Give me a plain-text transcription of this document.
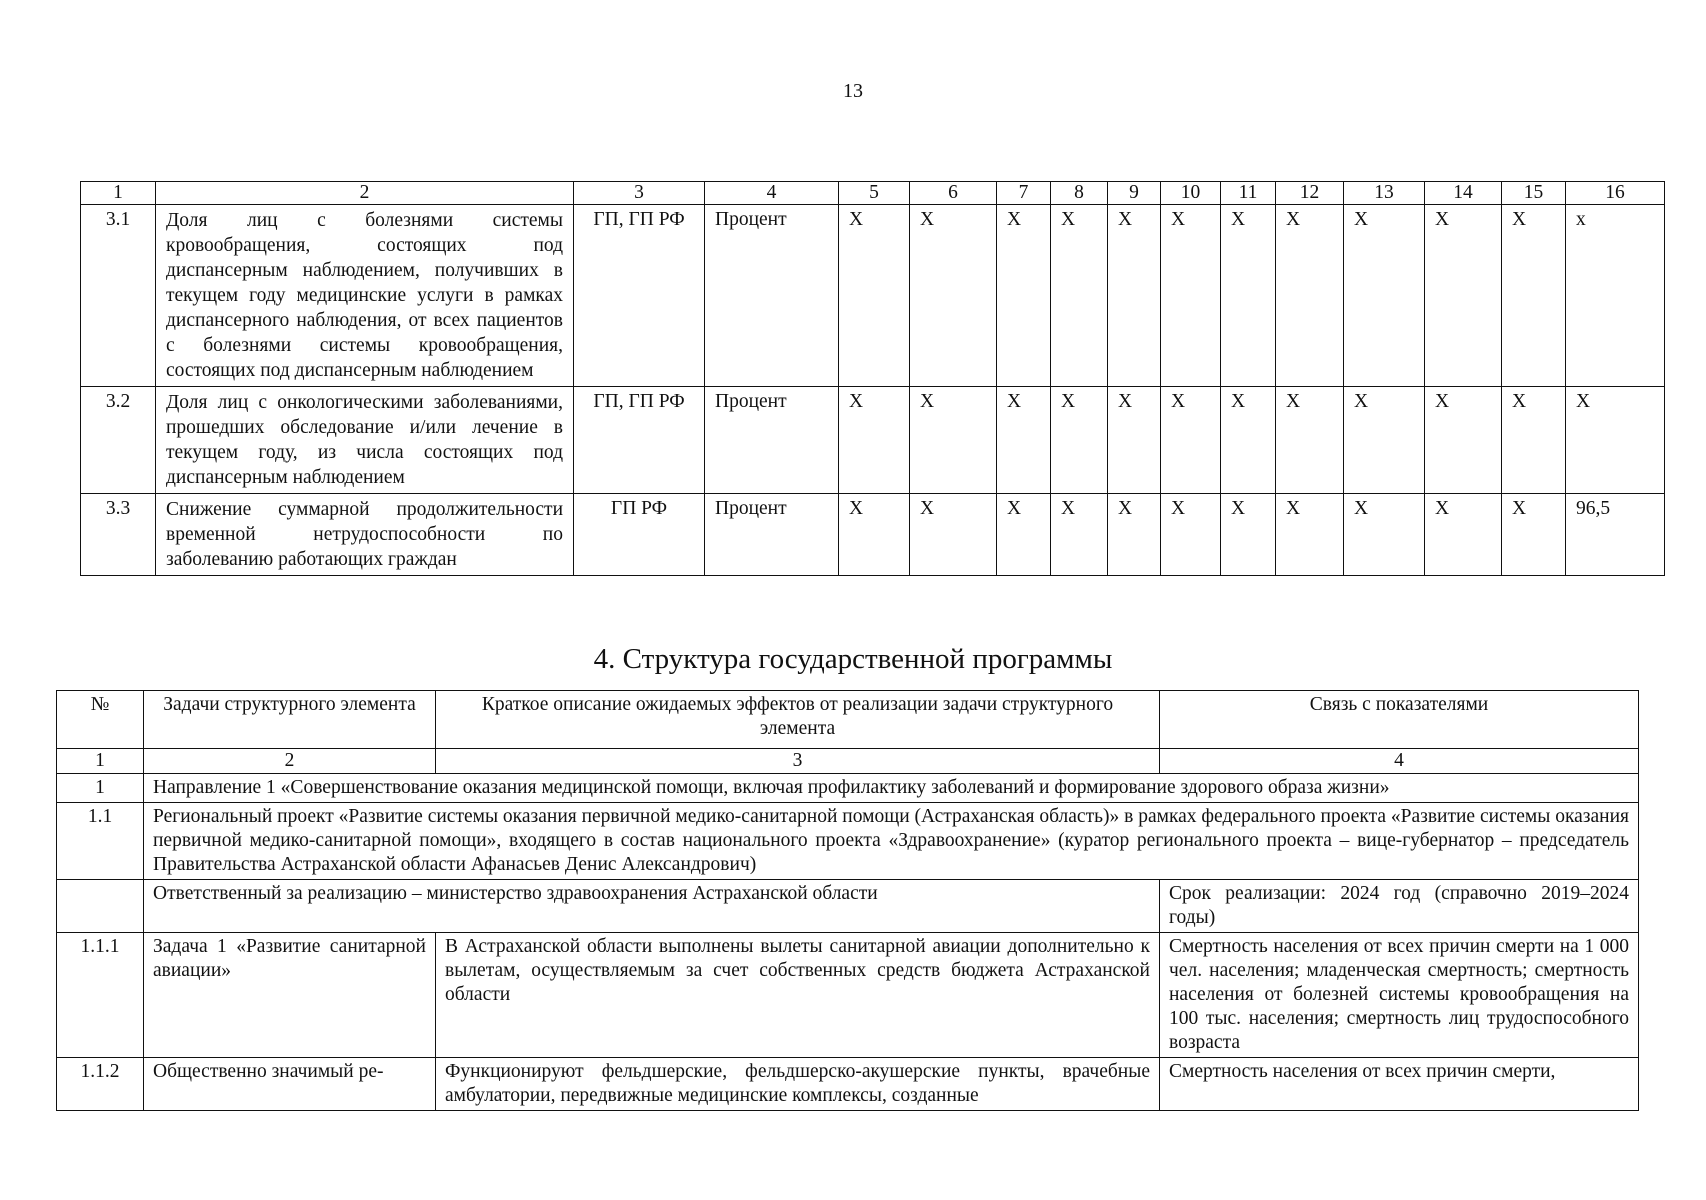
13
1	2	3	4	5	6	7	8	9	10	11	12	13	14	15	16
3.1	Доля лиц с болезнями системы кровообращения, состоящих под диспансерным наблюдением, получивших в текущем году медицинские услуги в рамках диспансерного наблюдения, от всех пациентов с болезнями системы кровообращения, состоящих под диспансерным наблюдением	ГП, ГП РФ	Процент	X	X	X	X	X	X	X	X	X	X	X	x
3.2	Доля лиц с онкологическими заболеваниями, прошедших обследование и/или лечение в текущем году, из числа состоящих под диспансерным наблюдением	ГП, ГП РФ	Процент	X	X	X	X	X	X	X	X	X	X	X	X
3.3	Снижение суммарной продолжительности временной нетрудоспособности по заболеванию работающих граждан	ГП РФ	Процент	X	X	X	X	X	X	X	X	X	X	X	96,5
4. Структура государственной программы
№	Задачи структурного элемента	Краткое описание ожидаемых эффектов от реализации задачи структурного элемента	Связь с показателями
1	2	3	4
1	Направление 1 «Совершенствование оказания медицинской помощи, включая профилактику заболеваний и формирование здорового образа жизни»		
1.1	Региональный проект «Развитие системы оказания первичной медико-санитарной помощи (Астраханская область)» в рамках федерального проекта «Развитие системы оказания первичной медико-санитарной помощи», входящего в состав национального проекта «Здравоохранение» (куратор регионального проекта – вице-губернатор – председатель Правительства Астраханской области Афанасьев Денис Александрович)		
	Ответственный за реализацию – министерство здравоохранения Астраханской области		Срок реализации: 2024 год (справочно 2019–2024 годы)
1.1.1	Задача 1 «Развитие санитарной авиации»	В Астраханской области выполнены вылеты санитарной авиации дополнительно к вылетам, осуществляемым за счет собственных средств бюджета Астраханской области	Смертность населения от всех причин смерти на 1 000 чел. населения; младенческая смертность; смертность населения от болезней системы кровообращения на 100 тыс. населения; смертность лиц трудоспособного возраста
1.1.2	Общественно значимый ре-	Функционируют фельдшерские, фельдшерско-акушерские пункты, врачебные амбулатории, передвижные медицинские комплексы, созданные	Смертность населения от всех причин смерти,
